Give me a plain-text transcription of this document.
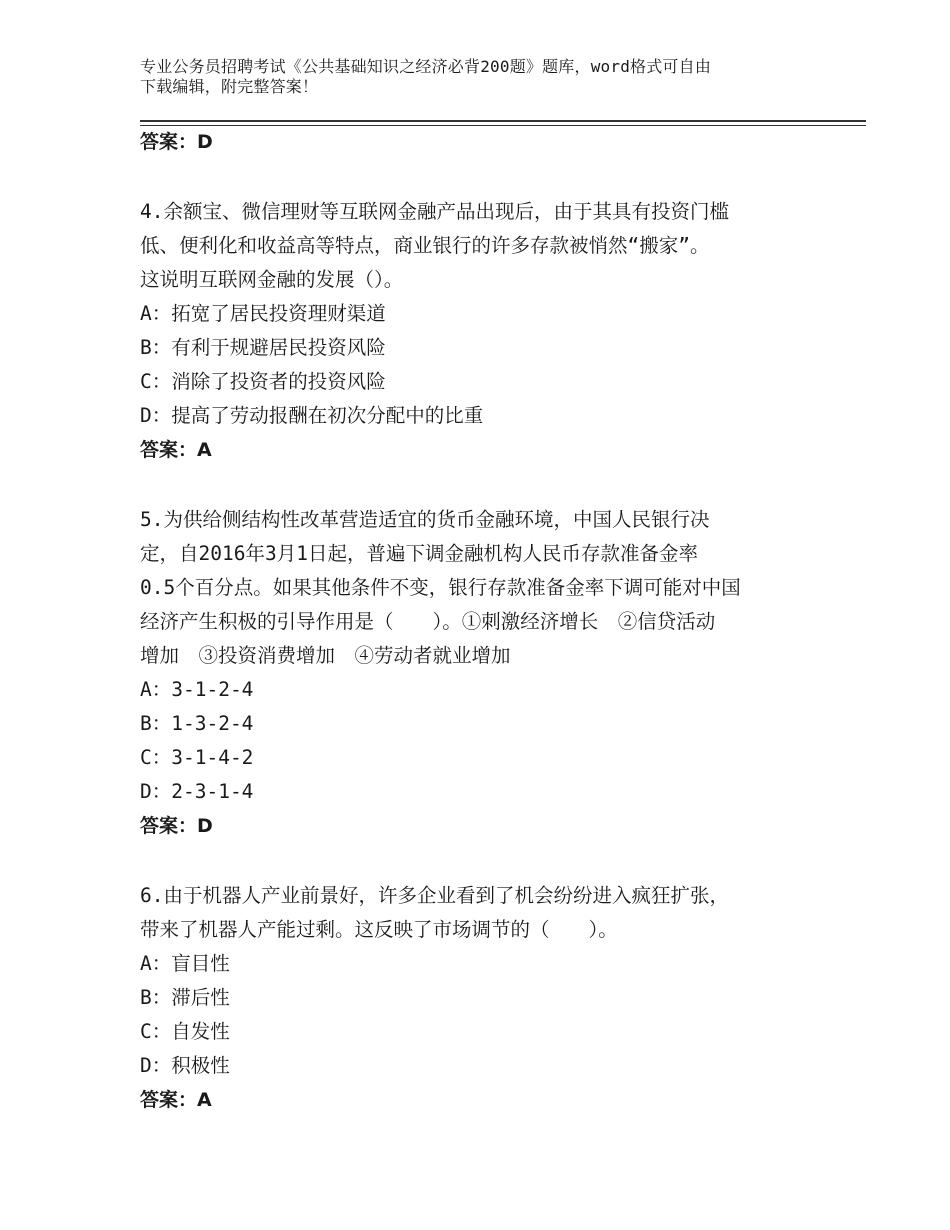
专业公务员招聘考试《公共基础知识之经济必背200题》题库，word格式可自由
下载编辑，附完整答案！
答案：D

4.余额宝、微信理财等互联网金融产品出现后，由于其具有投资门槛

低、便利化和收益高等特点，商业银行的许多存款被悄然“搬家”。

这说明互联网金融的发展（）。

A：拓宽了居民投资理财渠道

B：有利于规避居民投资风险

C：消除了投资者的投资风险

D：提高了劳动报酬在初次分配中的比重

答案：A

5.为供给侧结构性改革营造适宜的货币金融环境，中国人民银行决

定，自2016年3月1日起，普遍下调金融机构人民币存款准备金率

0.5个百分点。如果其他条件不变，银行存款准备金率下调可能对中国

经济产生积极的引导作用是（　　）。①刺激经济增长　②信贷活动

增加　③投资消费增加　④劳动者就业增加

A：3-1-2-4

B：1-3-2-4

C：3-1-4-2

D：2-3-1-4

答案：D

6.由于机器人产业前景好，许多企业看到了机会纷纷进入疯狂扩张，

带来了机器人产能过剩。这反映了市场调节的（　　）。

A：盲目性

B：滞后性

C：自发性

D：积极性

答案：A
